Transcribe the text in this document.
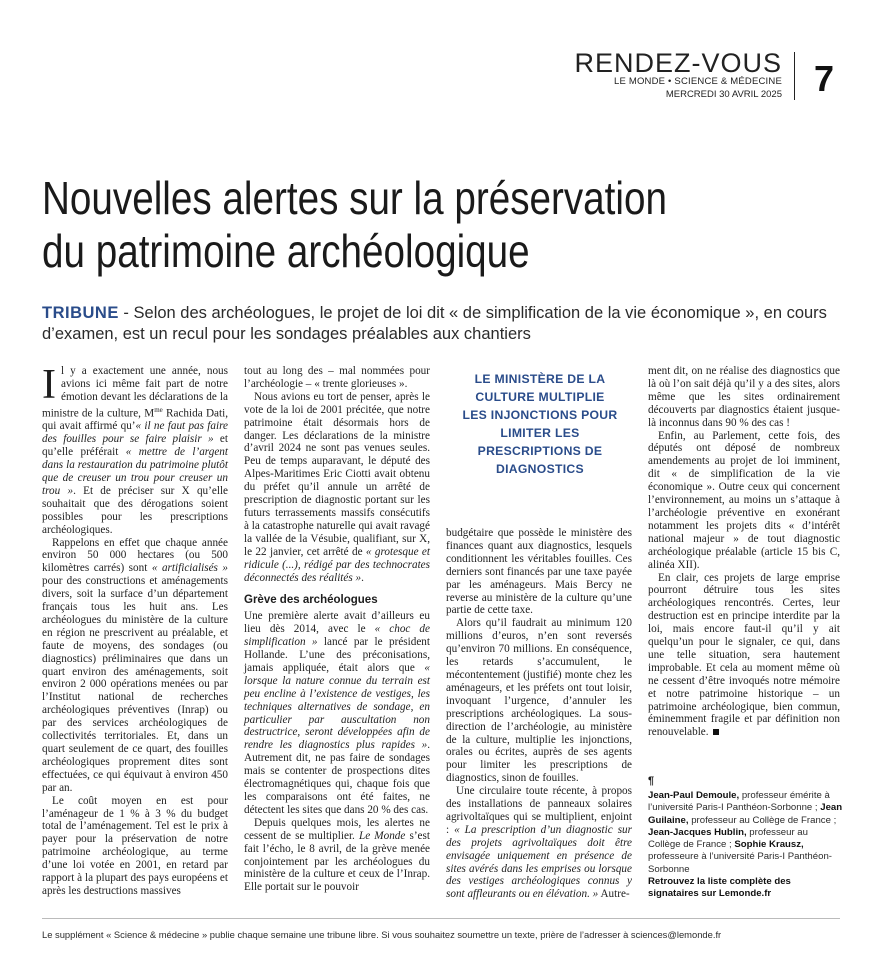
RENDEZ-VOUS
LE MONDE • SCIENCE & MÉDECINE
MERCREDI 30 AVRIL 2025 7
Nouvelles alertes sur la préservation
du patrimoine archéologique

TRIBUNE - Selon des archéologues, le projet de loi dit « de simplification de la vie économique », en cours d’examen, est un recul pour les sondages préalables aux chantiers

Il y a exactement une année, nous avions ici même fait part de notre émotion devant les déclarations de la ministre de la culture, $M^{me}$ Rachida Dati, qui avait affirmé qu’« il ne faut pas faire des fouilles pour se faire plaisir » et qu’elle préférait « mettre de l’argent dans la restauration du patrimoine plutôt que de creuser un trou pour creuser un trou ». Et de préciser sur X qu’elle souhaitait que des dérogations soient possibles pour les prescriptions archéologiques.

Rappelons en effet que chaque année environ 50 000 hectares (ou 500 kilomètres carrés) sont « artificialisés » pour des constructions et aménagements divers, soit la surface d’un département français tous les huit ans. Les archéologues du ministère de la culture en région ne prescrivent au préalable, et faute de moyens, des sondages (ou diagnostics) préliminaires que dans un quart environ des aménagements, soit environ 2 000 opérations menées ou par l’Institut national de recherches archéologiques préventives (Inrap) ou par des services archéologiques de collectivités territoriales. Et, dans un quart seulement de ce quart, des fouilles archéologiques proprement dites sont effectuées, ce qui équivaut à environ 450 par an.

Le coût moyen en est pour l’aménageur de 1 % à 3 % du budget total de l’aménagement. Tel est le prix à payer pour la préservation de notre patrimoine archéologique, au terme d’une loi votée en 2001, en retard par rapport à la plupart des pays européens et après les destructions massives

tout au long des – mal nommées pour l’archéologie – « trente glorieuses ».

Nous avions eu tort de penser, après le vote de la loi de 2001 précitée, que notre patrimoine était désormais hors de danger. Les déclarations de la ministre d’avril 2024 ne sont pas venues seules. Peu de temps auparavant, le député des Alpes-Maritimes Eric Ciotti avait obtenu du préfet qu’il annule un arrêté de prescription de diagnostic portant sur les futurs terrassements massifs consécutifs à la catastrophe naturelle qui avait ravagé la vallée de la Vésubie, qualifiant, sur X, le 22 janvier, cet arrêté de « grotesque et ridicule (...), rédigé par des technocrates déconnectés des réalités ».

Grève des archéologues

Une première alerte avait d’ailleurs eu lieu dès 2014, avec le « choc de simplification » lancé par le président Hollande. L’une des préconisations, jamais appliquée, était alors que « lorsque la nature connue du terrain est peu encline à l’existence de vestiges, les techniques alternatives de sondage, en particulier par auscultation non destructrice, seront développées afin de rendre les diagnostics plus rapides ». Autrement dit, ne pas faire de sondages mais se contenter de prospections dites électromagnétiques qui, chaque fois que les comparaisons ont été faites, ne détectent les sites que dans 20 % des cas.

Depuis quelques mois, les alertes ne cessent de se multiplier. Le Monde s’est fait l’écho, le 8 avril, de la grève menée conjointement par les archéologues du ministère de la culture et ceux de l’Inrap. Elle portait sur le pouvoir

LE MINISTÈRE DE LA CULTURE MULTIPLIE LES INJONCTIONS POUR LIMITER LES PRESCRIPTIONS DE DIAGNOSTICS

budgétaire que possède le ministère des finances quant aux diagnostics, lesquels conditionnent les véritables fouilles. Ces derniers sont financés par une taxe payée par les aménageurs. Mais Bercy ne reverse au ministère de la culture qu’une partie de cette taxe.

Alors qu’il faudrait au minimum 120 millions d’euros, n’en sont reversés qu’environ 70 millions. En conséquence, les retards s’accumulent, le mécontentement (justifié) monte chez les aménageurs, et les préfets ont tout loisir, invoquant l’urgence, d’annuler les prescriptions archéologiques. La sous-direction de l’archéologie, au ministère de la culture, multiplie les injonctions, orales ou écrites, auprès de ses agents pour limiter les prescriptions de diagnostics, sinon de fouilles.

Une circulaire toute récente, à propos des installations de panneaux solaires agrivoltaïques qui se multiplient, enjoint : « La prescription d’un diagnostic sur des projets agrivoltaïques doit être envisagée uniquement en présence de sites avérés dans les emprises ou lorsque des vestiges archéologiques connus y sont affleurants ou en élévation. » Autre-

ment dit, on ne réalise des diagnostics que là où l’on sait déjà qu’il y a des sites, alors même que les sites ordinairement découverts par diagnostics étaient jusque-là inconnus dans 90 % des cas !

Enfin, au Parlement, cette fois, des députés ont déposé de nombreux amendements au projet de loi imminent, dit « de simplification de la vie économique ». Outre ceux qui concernent l’environnement, au moins un s’attaque à l’archéologie préventive en exonérant notamment les projets dits « d’intérêt national majeur » de tout diagnostic archéologique préalable (article 15 bis C, alinéa XII).

En clair, ces projets de large emprise pourront détruire tous les sites archéologiques rencontrés. Certes, leur destruction est en principe interdite par la loi, mais encore faut-il qu’il y ait quelqu’un pour le signaler, ce qui, dans une telle situation, sera hautement improbable. Et cela au moment même où ne cessent d’être invoqués notre mémoire et notre patrimoine historique – un patrimoine archéologique, bien commun, éminemment fragile et par définition non renouvelable.

¶
Jean-Paul Demoule, professeur émérite à l’université Paris-I Panthéon-Sorbonne ; Jean Guilaine, professeur au Collège de France ; Jean-Jacques Hublin, professeur au Collège de France ; Sophie Krausz, professeure à l’université Paris-I Panthéon-Sorbonne
Retrouvez la liste complète des signataires sur Lemonde.fr
Le supplément « Science & médecine » publie chaque semaine une tribune libre. Si vous souhaitez soumettre un texte, prière de l’adresser à sciences@lemonde.fr
